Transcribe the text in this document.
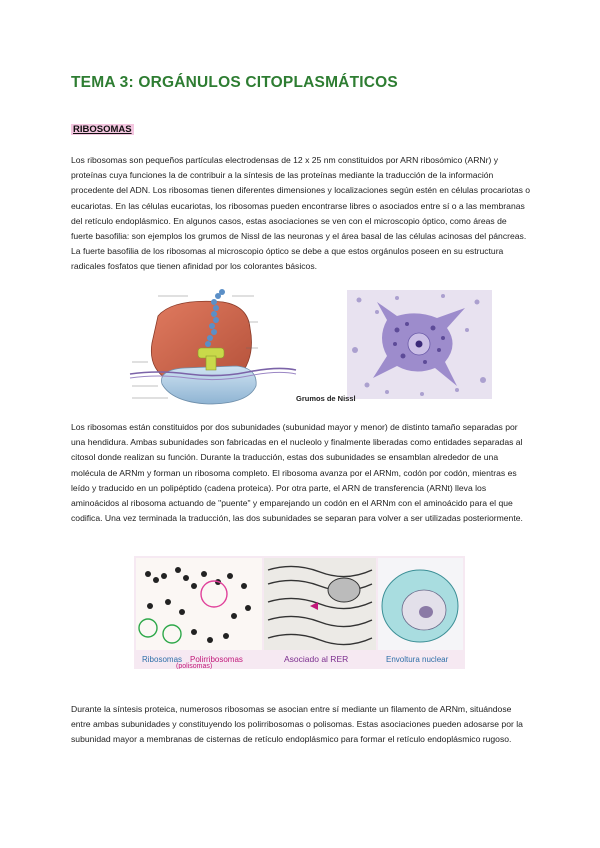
TEMA 3: ORGÁNULOS CITOPLASMÁTICOS
RIBOSOMAS

Los ribosomas son pequeños partículas electrodensas de 12 x 25 nm constituidos por ARN ribosómico (ARNr) y proteínas cuya funciones la de contribuir a la síntesis de las proteínas mediante la traducción de la información procedente del ADN. Los ribosomas tienen diferentes dimensiones y localizaciones según estén en células procariotas o eucariotas. En las células eucariotas, los ribosomas pueden encontrarse libres o asociados entre sí o a las membranas del retículo endoplásmico. En algunos casos, estas asociaciones se ven con el microscopio óptico, como áreas de fuerte basofilia: son ejemplos los grumos de Nissl de las neuronas y el área basal de las células acinosas del páncreas. La fuerte basofilia de los ribosomas al microscopio óptico se debe a que estos orgánulos poseen en su estructura radicales fosfatos que tienen afinidad por los colorantes básicos.

Grumos de Nissl

Los ribosomas están constituidos por dos subunidades (subunidad mayor y menor) de distinto tamaño separadas por una hendidura. Ambas subunidades son fabricadas en el nucleolo y finalmente liberadas como entidades separadas al citosol donde realizan su función. Durante la traducción, estas dos subunidades se ensamblan alrededor de una molécula de ARNm y forman un ribosoma completo. El ribosoma avanza por el ARNm, codón por codón, mientras es leído y traducido en un polipéptido (cadena proteica). Por otra parte, el ARN de transferencia (ARNt) lleva los aminoácidos al ribosoma actuando de "puente" y emparejando un codón en el ARNm con el aminoácido para el que codifica. Una vez terminada la traducción, las dos subunidades se separan para volver a ser utilizadas posteriormente.

Ribosomas Polirribosomas
(polisomas)
Asociado al RER	Envoltura nuclear

Durante la síntesis proteica, numerosos ribosomas se asocian entre sí mediante un filamento de ARNm, situándose entre ambas subunidades y constituyendo los polirribosomas o polisomas. Estas asociaciones pueden adosarse por la subunidad mayor a membranas de cisternas de retículo endoplásmico para formar el retículo endoplásmico rugoso.
